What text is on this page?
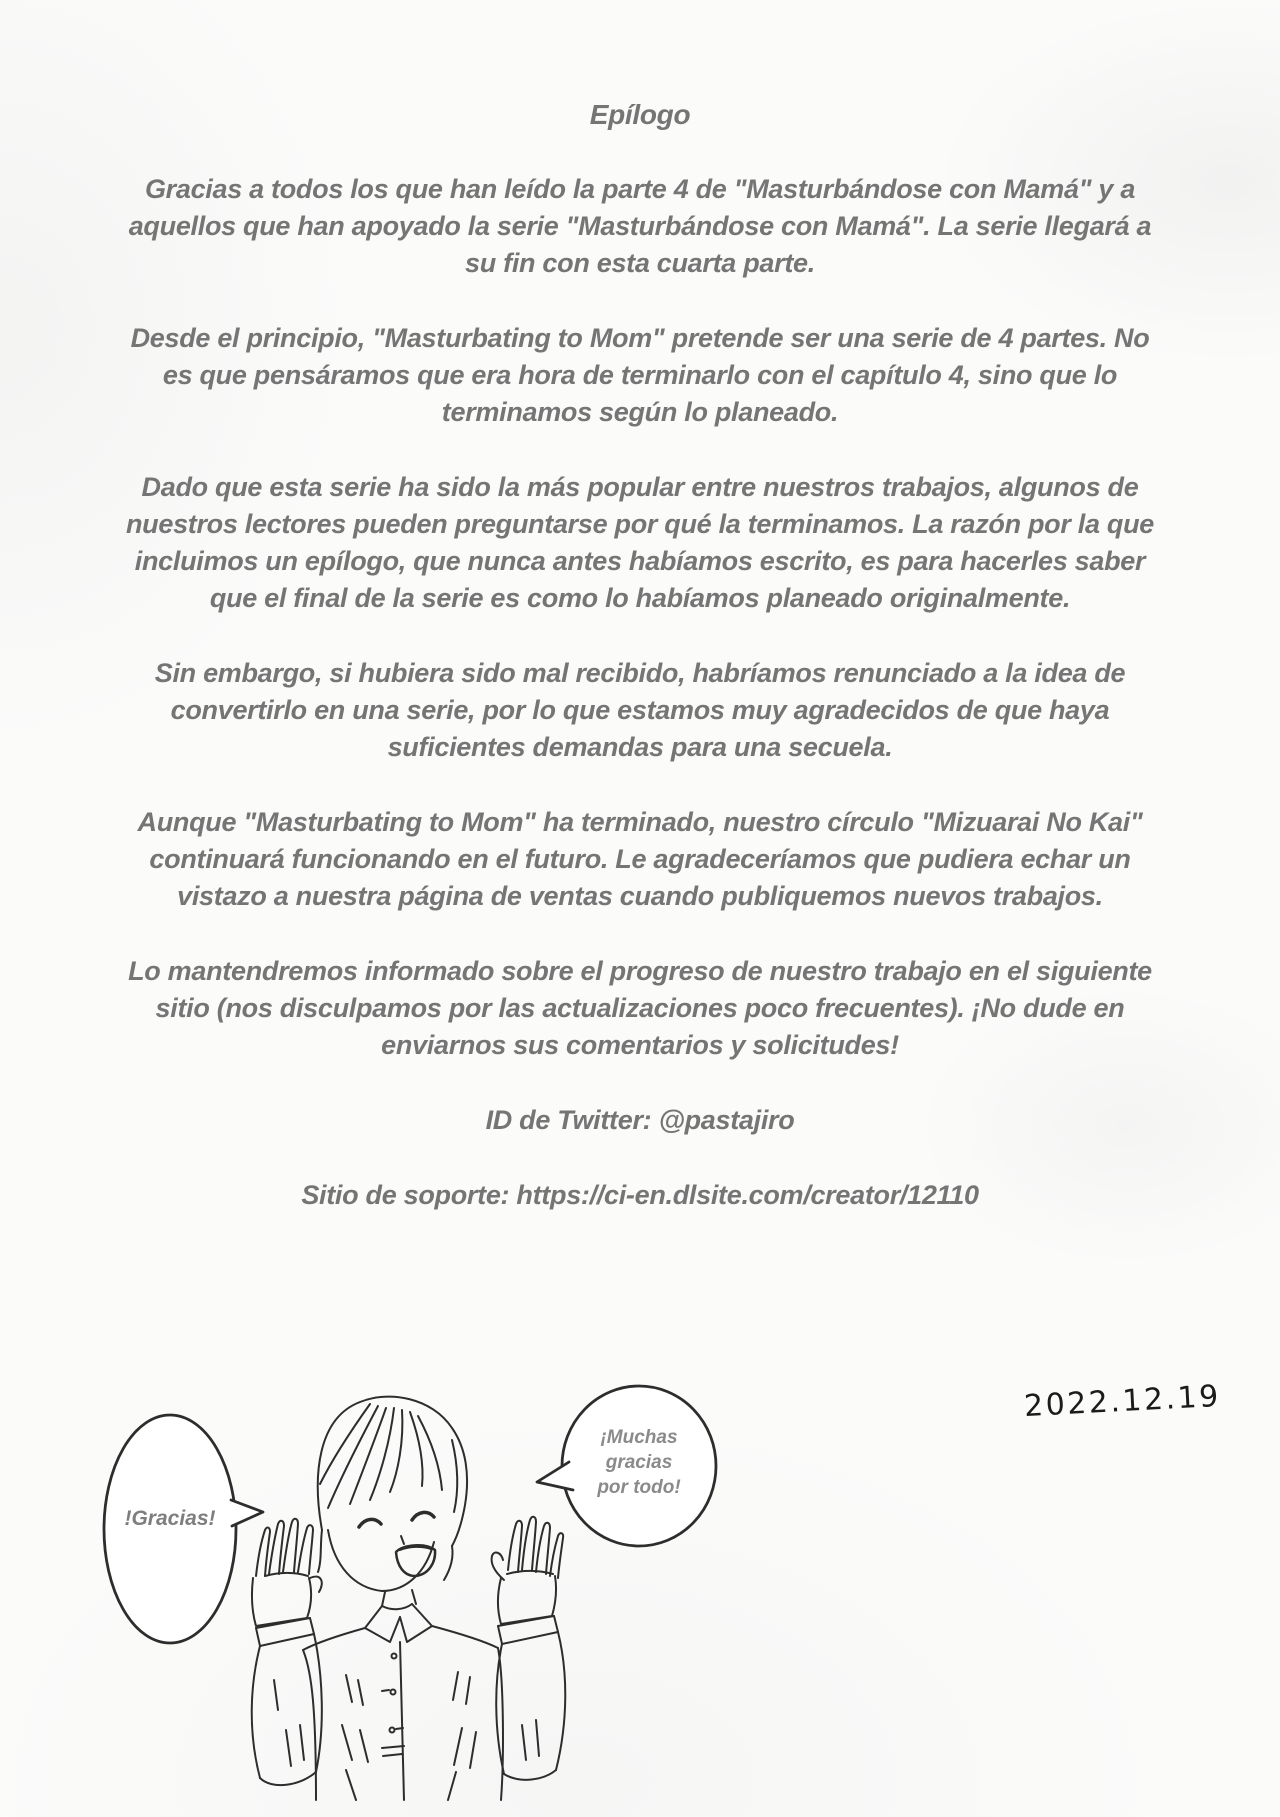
Epílogo
Gracias a todos los que han leído la parte 4 de "Masturbándose con Mamá" y a
aquellos que han apoyado la serie "Masturbándose con Mamá". La serie llegará a
su fin con esta cuarta parte.
Desde el principio, "Masturbating to Mom" pretende ser una serie de 4 partes. No
es que pensáramos que era hora de terminarlo con el capítulo 4, sino que lo
terminamos según lo planeado.
Dado que esta serie ha sido la más popular entre nuestros trabajos, algunos de
nuestros lectores pueden preguntarse por qué la terminamos. La razón por la que
incluimos un epílogo, que nunca antes habíamos escrito, es para hacerles saber
que el final de la serie es como lo habíamos planeado originalmente.
Sin embargo, si hubiera sido mal recibido, habríamos renunciado a la idea de
convertirlo en una serie, por lo que estamos muy agradecidos de que haya
suficientes demandas para una secuela.
Aunque "Masturbating to Mom" ha terminado, nuestro círculo "Mizuarai No Kai"
continuará funcionando en el futuro. Le agradeceríamos que pudiera echar un
vistazo a nuestra página de ventas cuando publiquemos nuevos trabajos.
Lo mantendremos informado sobre el progreso de nuestro trabajo en el siguiente
sitio (nos disculpamos por las actualizaciones poco frecuentes). ¡No dude en
enviarnos sus comentarios y solicitudes!
ID de Twitter: @pastajiro
Sitio de soporte: https://ci-en.dlsite.com/creator/12110
!Gracias!
¡Muchas
gracias
por todo!
2022.12.19
